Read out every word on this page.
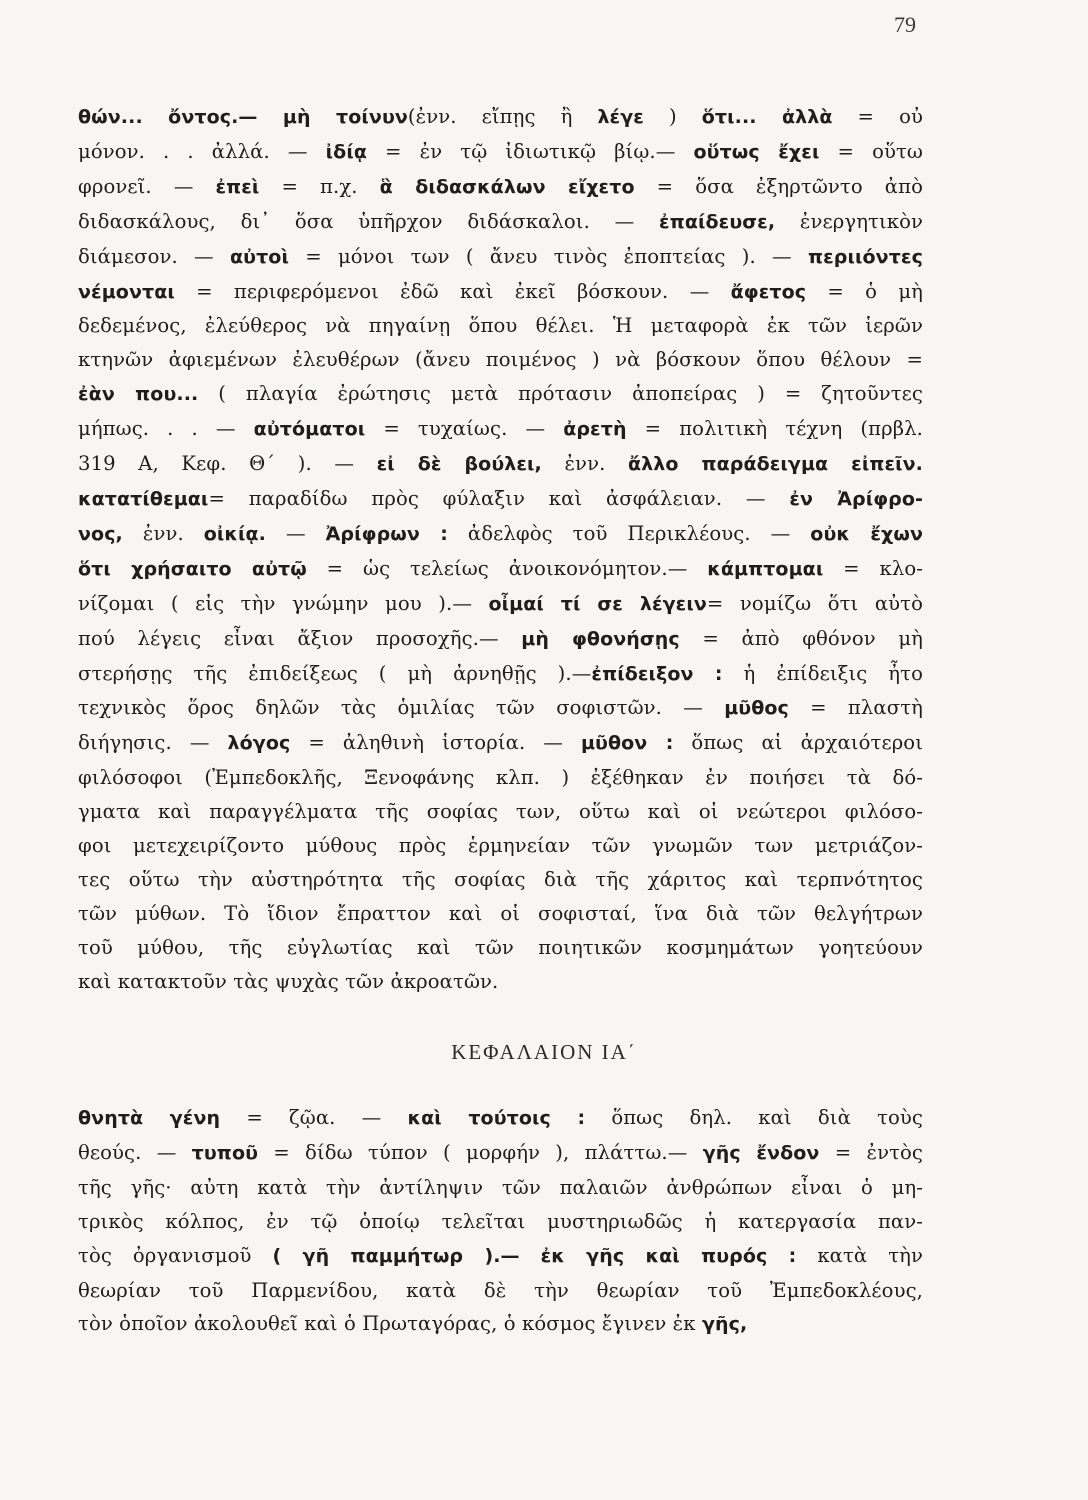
79
θών... ὄντος.— μὴ τοίνυν(ἐνν. εἴπῃς ἢ λέγε ) ὅτι... ἀλλὰ = οὐ
μόνον. . . ἀλλά. — ἰδίᾳ = ἐν τῷ ἰδιωτικῷ βίῳ.— οὕτως ἔχει = οὕτω
φρονεῖ. — ἐπεὶ = π.χ. ἃ διδασκάλων εἴχετο = ὅσα ἐξηρτῶντο ἀπὸ
διδασκάλους, δι᾽ ὅσα ὑπῆρχον διδάσκαλοι. — ἐπαίδευσε, ἐνεργητικὸν
διάμεσον. — αὐτοὶ = μόνοι των ( ἄνευ τινὸς ἐποπτείας ). — περιιόντες
νέμονται = περιφερόμενοι ἐδῶ καὶ ἐκεῖ βόσκουν. — ἄφετος = ὁ μὴ
δεδεμένος, ἐλεύθερος νὰ πηγαίνῃ ὅπου θέλει. Ἡ μεταφορὰ ἐκ τῶν ἱερῶν
κτηνῶν ἀφιεμένων ἐλευθέρων (ἄνευ ποιμένος ) νὰ βόσκουν ὅπου θέλουν =
ἐὰν που... ( πλαγία ἐρώτησις μετὰ πρότασιν ἀποπείρας ) = ζητοῦντες
μήπως. . . — αὐτόματοι = τυχαίως. — ἀρετὴ = πολιτικὴ τέχνη (πρβλ.
319 Α, Κεφ. Θ΄ ). — εἰ δὲ βούλει, ἐνν. ἄλλο παράδειγμα εἰπεῖν.
κατατίθεμαι= παραδίδω πρὸς φύλαξιν καὶ ἀσφάλειαν. — ἐν Ἀρίφρο-
νος, ἐνν. οἰκίᾳ. — Ἀρίφρων : ἀδελφὸς τοῦ Περικλέους. — οὐκ ἔχων
ὅτι χρήσαιτο αὐτῷ = ὡς τελείως ἀνοικονόμητον.— κάμπτομαι = κλο-
νίζομαι ( εἰς τὴν γνώμην μου ).— οἶμαί τί σε λέγειν= νομίζω ὅτι αὐτὸ
πού λέγεις εἶναι ἄξιον προσοχῆς.— μὴ φθονήσῃς = ἀπὸ φθόνον μὴ
στερήσῃς τῆς ἐπιδείξεως ( μὴ ἀρνηθῇς ).—ἐπίδειξον : ἡ ἐπίδειξις ἦτο
τεχνικὸς ὅρος δηλῶν τὰς ὁμιλίας τῶν σοφιστῶν. — μῦθος = πλαστὴ
διήγησις. — λόγος = ἀληθινὴ ἱστορία. — μῦθον : ὅπως αἱ ἀρχαιότεροι
φιλόσοφοι (Ἐμπεδοκλῆς, Ξενοφάνης κλπ. ) ἐξέθηκαν ἐν ποιήσει τὰ δό-
γματα καὶ παραγγέλματα τῆς σοφίας των, οὕτω καὶ οἱ νεώτεροι φιλόσο-
φοι μετεχειρίζοντο μύθους πρὸς ἑρμηνείαν τῶν γνωμῶν των μετριάζον-
τες οὕτω τὴν αὐστηρότητα τῆς σοφίας διὰ τῆς χάριτος καὶ τερπνότητος
τῶν μύθων. Τὸ ἴδιον ἔπραττον καὶ οἱ σοφισταί, ἵνα διὰ τῶν θελγήτρων
τοῦ μύθου, τῆς εὐγλωτίας καὶ τῶν ποιητικῶν κοσμημάτων γοητεύουν
καὶ κατακτοῦν τὰς ψυχὰς τῶν ἀκροατῶν.
ΚΕΦΑΛΑΙΟΝ ΙΑ΄
θνητὰ γένη = ζῷα. — καὶ τούτοις : ὅπως δηλ. καὶ διὰ τοὺς
θεούς. — τυποῦ = δίδω τύπον ( μορφήν ), πλάττω.— γῆς ἔνδον = ἐντὸς
τῆς γῆς· αὐτη κατὰ τὴν ἀντίληψιν τῶν παλαιῶν ἀνθρώπων εἶναι ὁ μη-
τρικὸς κόλπος, ἐν τῷ ὁποίῳ τελεῖται μυστηριωδῶς ἡ κατεργασία παν-
τὸς ὀργανισμοῦ ( γῆ παμμήτωρ ).— ἐκ γῆς καὶ πυρός : κατὰ τὴν
θεωρίαν τοῦ Παρμενίδου, κατὰ δὲ τὴν θεωρίαν τοῦ Ἐμπεδοκλέους,
τὸν ὁποῖον ἀκολουθεῖ καὶ ὁ Πρωταγόρας, ὁ κόσμος ἔγινεν ἐκ γῆς,
